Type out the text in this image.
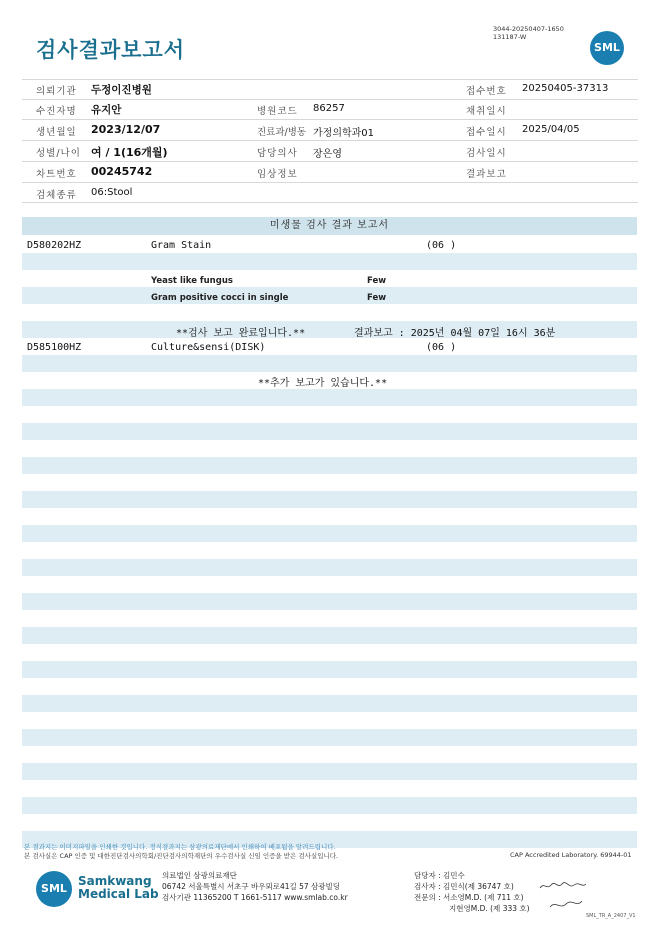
검사결과보고서
3044-20250407-1650
131187-W
SML
의뢰기관 두정이진병원	접수번호 20250405-37313
수진자명 유지안	병원코드 86257	채취일시
생년월일 2023/12/07	진료과/병동 가정의학과01	접수일시 2025/04/05
성별/나이 여 / 1(16개월)	담당의사 장은영	검사일시
차트번호 00245742	임상정보	결과보고
검체종류 06:Stool
미생물 검사 결과 보고서
D580202HZ	Gram Stain	(06 )
Yeast like fungus	Few
Gram positive cocci in single	Few
**검사 보고 완료입니다.**	결과보고 : 2025년 04월 07일 16시 36분
D585100HZ	Culture&sensi(DISK)	(06 )
**추가 보고가 있습니다.**
본 결과지는 이미지파일을 인쇄한 것입니다. 정식결과지는 삼광의료재단에서 인쇄하여 배포됨을 알려드립니다.
본 검사실은 CAP 인증 및 대한진단검사의학회/진단검사의학재단의 우수검사실 신임 인증을 받은 검사실입니다.	CAP Accredited Laboratory. 69944-01
SML
Samkwang
Medical Lab
의료법인 삼광의료재단
06742 서울특별시 서초구 바우뫼로41길 57 삼광빌딩
검사기관 11365200 T 1661-5117 www.smlab.co.kr
담당자 : 김민수
검사자 : 김민식(제 36747 호)
전문의 : 서소영M.D. (제 711 호)
지현영M.D. (제 333 호)
SML_TR_A_2407_V1
